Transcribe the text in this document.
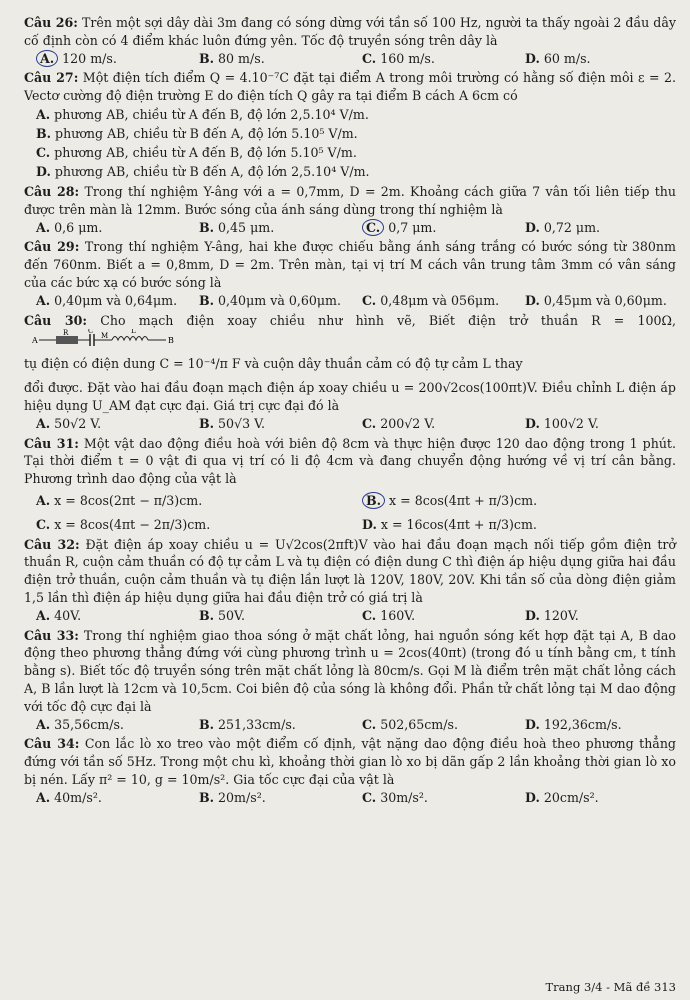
Câu 26: Trên một sợi dây dài 3m đang có sóng dừng với tần số 100 Hz, người ta thấy ngoài 2 đầu dây cố định còn có 4 điểm khác luôn đứng yên. Tốc độ truyền sóng trên dây là
A. 120 m/s.	B. 80 m/s.	C. 160 m/s.	D. 60 m/s.
Câu 27: Một điện tích điểm Q = 4.10⁻⁷C đặt tại điểm A trong môi trường có hằng số điện môi ε = 2. Vectơ cường độ điện trường E do điện tích Q gây ra tại điểm B cách A 6cm có
A. phương AB, chiều từ A đến B, độ lớn 2,5.10⁴ V/m.
B. phương AB, chiều từ B đến A, độ lớn 5.10⁵ V/m.
C. phương AB, chiều từ A đến B, độ lớn 5.10⁵ V/m.
D. phương AB, chiều từ B đến A, độ lớn 2,5.10⁴ V/m.
Câu 28: Trong thí nghiệm Y-âng với a = 0,7mm, D = 2m. Khoảng cách giữa 7 vân tối liên tiếp thu được trên màn là 12mm. Bước sóng của ánh sáng dùng trong thí nghiệm là
A. 0,6 μm.	B. 0,45 μm.	C. 0,7 μm.	D. 0,72 μm.
Câu 29: Trong thí nghiệm Y-âng, hai khe được chiếu bằng ánh sáng trắng có bước sóng từ 380nm đến 760nm. Biết a = 0,8mm, D = 2m. Trên màn, tại vị trí M cách vân trung tâm 3mm có vân sáng của các bức xạ có bước sóng là
A. 0,40μm và 0,64μm.	B. 0,40μm và 0,60μm.	C. 0,48μm và 056μm.	D. 0,45μm và 0,60μm.
Câu 30: Cho mạch điện xoay chiều như hình vẽ, Biết điện trở thuần R = 100Ω,
A
R	C
M
L
B
tụ điện có điện dung C = 10⁻⁴/π F và cuộn dây thuần cảm có độ tự cảm L thay
đổi được. Đặt vào hai đầu đoạn mạch điện áp xoay chiều u = 200√2cos(100πt)V. Điều chỉnh L điện áp hiệu dụng U_AM đạt cực đại. Giá trị cực đại đó là
A. 50√2 V.	B. 50√3 V.	C. 200√2 V.	D. 100√2 V.
Câu 31: Một vật dao động điều hoà với biên độ 8cm và thực hiện được 120 dao động trong 1 phút. Tại thời điểm t = 0 vật đi qua vị trí có li độ 4cm và đang chuyển động hướng về vị trí cân bằng. Phương trình dao động của vật là
A. x = 8cos(2πt − π/3)cm.	B. x = 8cos(4πt + π/3)cm.
C. x = 8cos(4πt − 2π/3)cm.	D. x = 16cos(4πt + π/3)cm.
Câu 32: Đặt điện áp xoay chiều u = U√2cos(2πft)V vào hai đầu đoạn mạch nối tiếp gồm điện trở thuần R, cuộn cảm thuần có độ tự cảm L và tụ điện có điện dung C thì điện áp hiệu dụng giữa hai đầu điện trở thuần, cuộn cảm thuần và tụ điện lần lượt là 120V, 180V, 20V. Khi tần số của dòng điện giảm 1,5 lần thì điện áp hiệu dụng giữa hai đầu điện trở có giá trị là
A. 40V.	B. 50V.	C. 160V.	D. 120V.
Câu 33: Trong thí nghiệm giao thoa sóng ở mặt chất lỏng, hai nguồn sóng kết hợp đặt tại A, B dao động theo phương thẳng đứng với cùng phương trình u = 2cos(40πt) (trong đó u tính bằng cm, t tính bằng s). Biết tốc độ truyền sóng trên mặt chất lỏng là 80cm/s. Gọi M là điểm trên mặt chất lỏng cách A, B lần lượt là 12cm và 10,5cm. Coi biên độ của sóng là không đổi. Phần tử chất lỏng tại M dao động với tốc độ cực đại là
A. 35,56cm/s.	B. 251,33cm/s.	C. 502,65cm/s.	D. 192,36cm/s.
Câu 34: Con lắc lò xo treo vào một điểm cố định, vật nặng dao động điều hoà theo phương thẳng đứng với tần số 5Hz. Trong một chu kì, khoảng thời gian lò xo bị dãn gấp 2 lần khoảng thời gian lò xo bị nén. Lấy π² = 10, g = 10m/s². Gia tốc cực đại của vật là
A. 40m/s².	B. 20m/s².	C. 30m/s².	D. 20cm/s².
Trang 3/4 - Mã đề 313
